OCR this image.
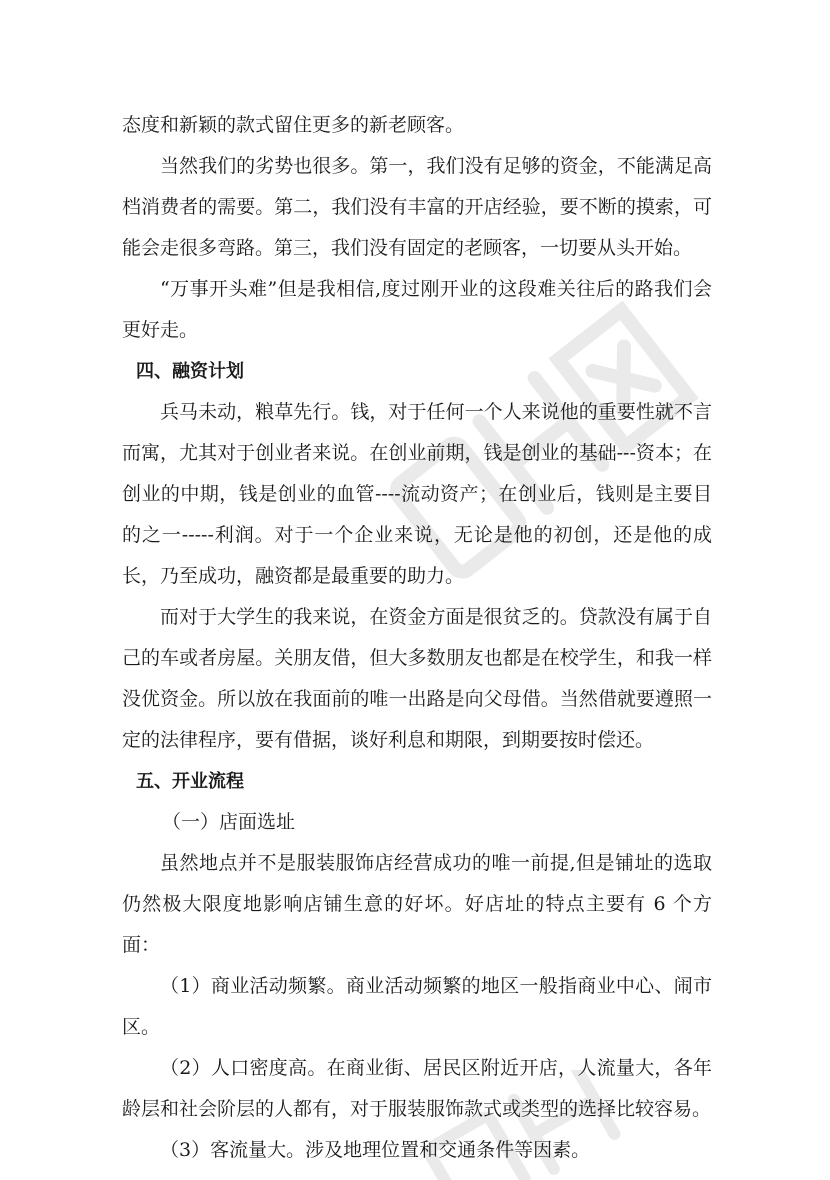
态度和新颖的款式留住更多的新老顾客。

当然我们的劣势也很多。第一，我们没有足够的资金，不能满足高档消费者的需要。第二，我们没有丰富的开店经验，要不断的摸索，可能会走很多弯路。第三，我们没有固定的老顾客，一切要从头开始。

“万事开头难”但是我相信,度过刚开业的这段难关往后的路我们会更好走。

四、融资计划

兵马未动，粮草先行。钱，对于任何一个人来说他的重要性就不言而寓，尤其对于创业者来说。在创业前期，钱是创业的基础---资本；在创业的中期，钱是创业的血管----流动资产；在创业后，钱则是主要目的之一-----利润。对于一个企业来说，无论是他的初创，还是他的成长，乃至成功，融资都是最重要的助力。

而对于大学生的我来说，在资金方面是很贫乏的。贷款没有属于自己的车或者房屋。关朋友借，但大多数朋友也都是在校学生，和我一样没优资金。所以放在我面前的唯一出路是向父母借。当然借就要遵照一定的法律程序，要有借据，谈好利息和期限，到期要按时偿还。

五、开业流程

（一）店面选址

虽然地点并不是服装服饰店经营成功的唯一前提,但是铺址的选取仍然极大限度地影响店铺生意的好坏。好店址的特点主要有 6 个方面：

（1）商业活动频繁。商业活动频繁的地区一般指商业中心、闹市区。

（2）人口密度高。在商业街、居民区附近开店，人流量大，各年龄层和社会阶层的人都有，对于服装服饰款式或类型的选择比较容易。

（3）客流量大。涉及地理位置和交通条件等因素。
